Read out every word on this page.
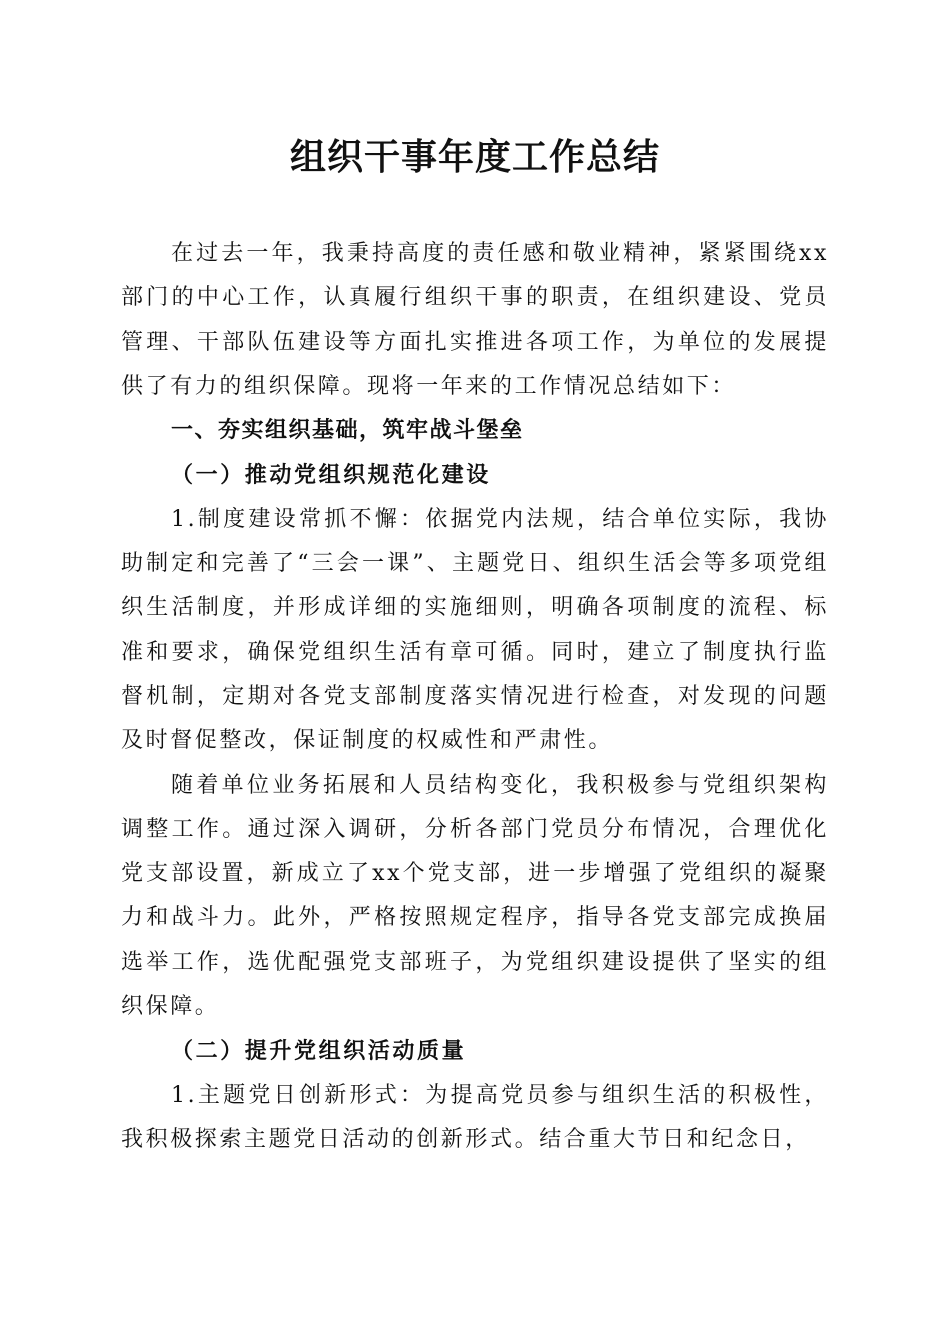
组织干事年度工作总结

在过去一年，我秉持高度的责任感和敬业精神，紧紧围绕xx部门的中心工作，认真履行组织干事的职责，在组织建设、党员管理、干部队伍建设等方面扎实推进各项工作，为单位的发展提供了有力的组织保障。现将一年来的工作情况总结如下：

一、夯实组织基础，筑牢战斗堡垒

（一）推动党组织规范化建设

1.制度建设常抓不懈：依据党内法规，结合单位实际，我协助制定和完善了“三会一课”、主题党日、组织生活会等多项党组织生活制度，并形成详细的实施细则，明确各项制度的流程、标准和要求，确保党组织生活有章可循。同时，建立了制度执行监督机制，定期对各党支部制度落实情况进行检查，对发现的问题及时督促整改，保证制度的权威性和严肃性。

随着单位业务拓展和人员结构变化，我积极参与党组织架构调整工作。通过深入调研，分析各部门党员分布情况，合理优化党支部设置，新成立了xx个党支部，进一步增强了党组织的凝聚力和战斗力。此外，严格按照规定程序，指导各党支部完成换届选举工作，选优配强党支部班子，为党组织建设提供了坚实的组织保障。

（二）提升党组织活动质量

1.主题党日创新形式：为提高党员参与组织生活的积极性，我积极探索主题党日活动的创新形式。结合重大节日和纪念日，
